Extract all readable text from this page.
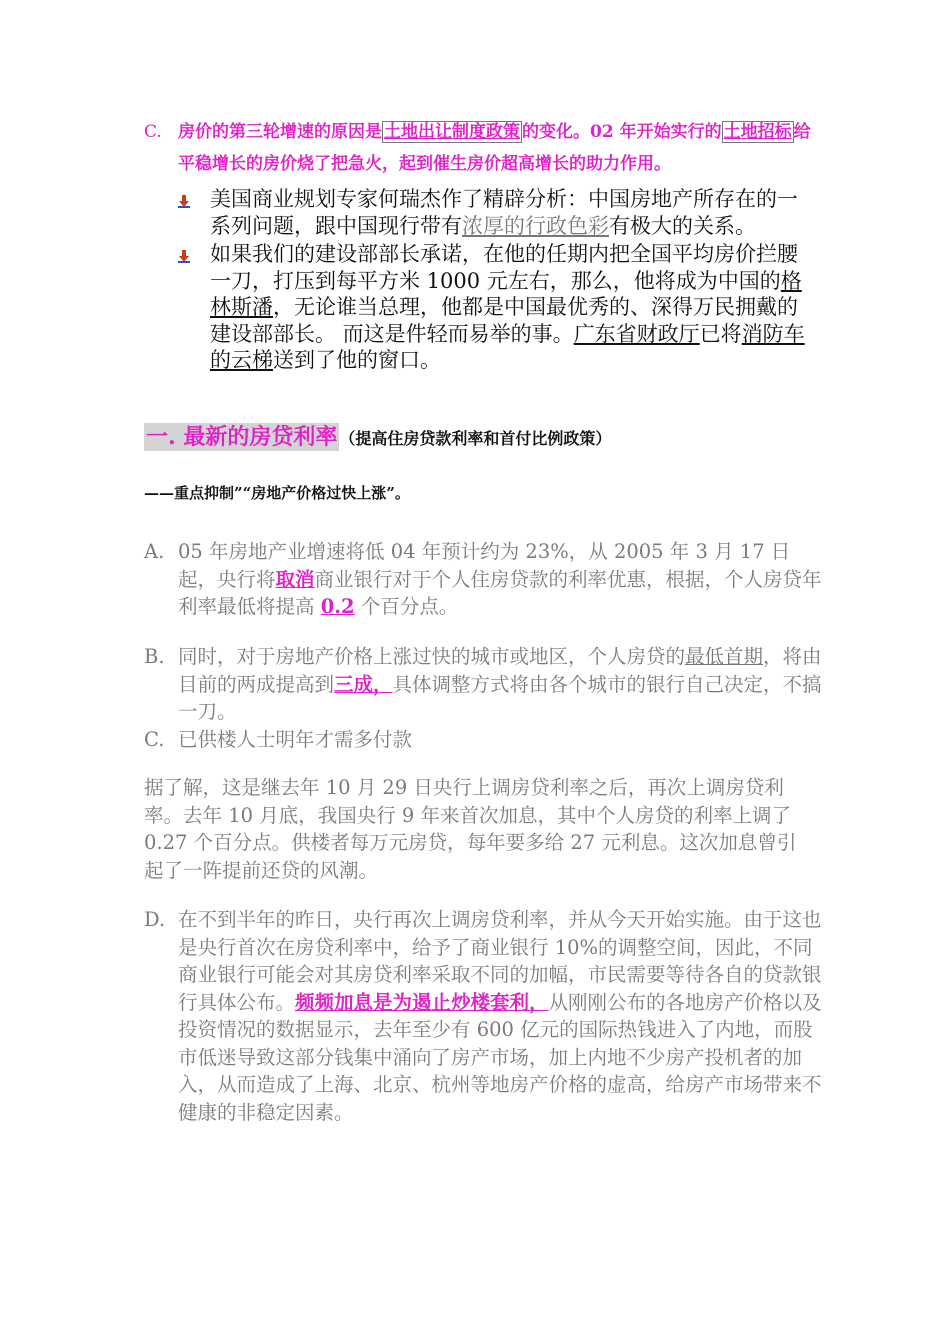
C. 房价的第三轮增速的原因是 土地出让制度政策 的变化。02 年开始实行的 土地招标 给平稳增长的房价烧了把急火，起到催生房价超高增长的助力作用。
美国商业规划专家何瑞杰作了精辟分析：中国房地产所存在的一系列问题，跟中国现行带有浓厚的行政色彩有极大的关系。
如果我们的建设部部长承诺，在他的任期内把全国平均房价拦腰一刀，打压到每平方米 1000 元左右，那么，他将成为中国的格林斯潘，无论谁当总理，他都是中国最优秀的、深得万民拥戴的建设部部长。 而这是件轻而易举的事。广东省财政厅已将消防车的云梯送到了他的窗口。
一. 最新的房贷利率 （提高住房贷款利率和首付比例政策）
——重点抑制”“房地产价格过快上涨”。
A. 05 年房地产业增速将低 04 年预计约为 23%，从 2005 年 3 月 17 日起，央行将取消商业银行对于个人住房贷款的利率优惠，根据，个人房贷年利率最低将提高 0.2 个百分点。
B. 同时，对于房地产价格上涨过快的城市或地区，个人房贷的最低首期，将由目前的两成提高到三成，具体调整方式将由各个城市的银行自己决定，不搞一刀。
C. 已供楼人士明年才需多付款
据了解，这是继去年 10 月 29 日央行上调房贷利率之后，再次上调房贷利率。去年 10 月底，我国央行 9 年来首次加息，其中个人房贷的利率上调了 0.27 个百分点。供楼者每万元房贷，每年要多给 27 元利息。这次加息曾引起了一阵提前还贷的风潮。
D. 在不到半年的昨日，央行再次上调房贷利率，并从今天开始实施。由于这也是央行首次在房贷利率中，给予了商业银行 10%的调整空间，因此，不同商业银行可能会对其房贷利率采取不同的加幅，市民需要等待各自的贷款银行具体公布。频频加息是为遏止炒楼套利，从刚刚公布的各地房产价格以及投资情况的数据显示，去年至少有 600 亿元的国际热钱进入了内地，而股市低迷导致这部分钱集中涌向了房产市场，加上内地不少房产投机者的加入，从而造成了上海、北京、杭州等地房产价格的虚高，给房产市场带来不健康的非稳定因素。
